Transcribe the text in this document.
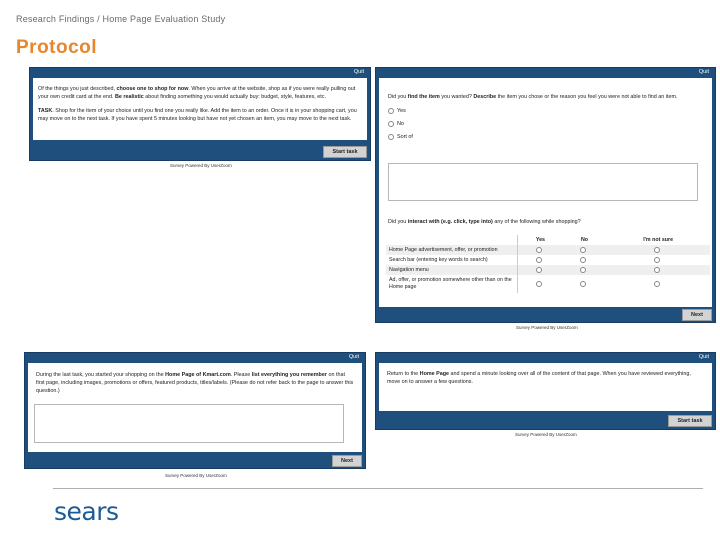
Research Findings / Home Page Evaluation Study
Protocol
Quit
Of the things you just described, choose one to shop for now. When you arrive at the website, shop as if you were really pulling out your own credit card at the end. Be realistic about finding something you would actually buy: budget, style, features, etc.
TASK. Shop for the item of your choice until you find one you really like. Add the item to an order. Once it is in your shopping cart, you may move on to the next task. If you have spent 5 minutes looking but have not yet chosen an item, you may move to the next task.
Start task
Survey Powered By UserZoom
Quit
Did you find the item you wanted? Describe the item you chose or the reason you feel you were not able to find an item.
Yes
No
Sort of
Did you interact with (e.g. click, type into) any of the following while shopping?
	Yes	No	I'm not sure
Home Page advertisement, offer, or promotion			
Search bar (entering key words to search)			
Navigation menu			
Ad, offer, or promotion somewhere other than on the Home page			
Next
Survey Powered By UserZoom
Quit
During the last task, you started your shopping on the Home Page of Kmart.com. Please list everything you remember on that first page, including images, promotions or offers, featured products, titles/labels. (Please do not refer back to the page to answer this question.)
Next
Survey Powered By UserZoom
Quit
Return to the Home Page and spend a minute looking over all of the content of that page. When you have reviewed everything, move on to answer a few questions.
Start task
Survey Powered By UserZoom
sears
